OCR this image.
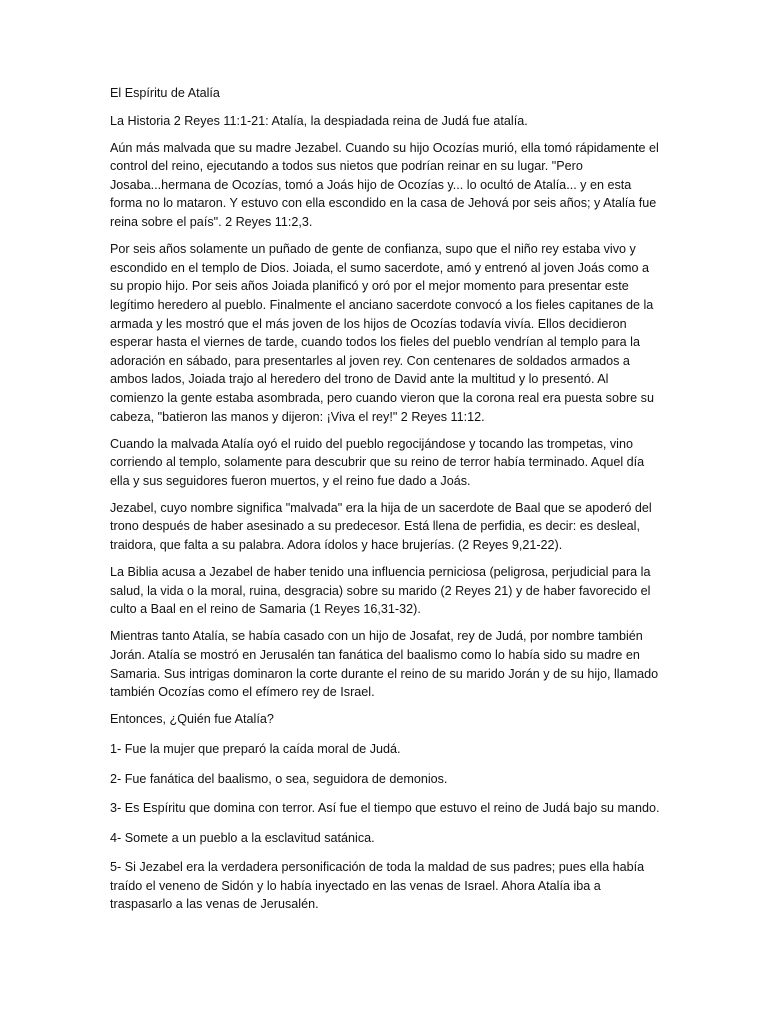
El Espíritu de Atalía

La Historia 2 Reyes 11:1-21: Atalía, la despiadada reina de Judá fue atalía.

Aún más malvada que su madre Jezabel. Cuando su hijo Ocozías murió, ella tomó rápidamente el control del reino, ejecutando a todos sus nietos que podrían reinar en su lugar. "Pero Josaba...hermana de Ocozías, tomó a Joás hijo de Ocozías y... lo ocultó de Atalía... y en esta forma no lo mataron. Y estuvo con ella escondido en la casa de Jehová por seis años; y Atalía fue reina sobre el país". 2 Reyes 11:2,3.

Por seis años solamente un puñado de gente de confianza, supo que el niño rey estaba vivo y escondido en el templo de Dios. Joiada, el sumo sacerdote, amó y entrenó al joven Joás como a su propio hijo. Por seis años Joiada planificó y oró por el mejor momento para presentar este legítimo heredero al pueblo. Finalmente el anciano sacerdote convocó a los fieles capitanes de la armada y les mostró que el más joven de los hijos de Ocozías todavía vivía. Ellos decidieron esperar hasta el viernes de tarde, cuando todos los fieles del pueblo vendrían al templo para la adoración en sábado, para presentarles al joven rey. Con centenares de soldados armados a ambos lados, Joiada trajo al heredero del trono de David ante la multitud y lo presentó. Al comienzo la gente estaba asombrada, pero cuando vieron que la corona real era puesta sobre su cabeza, "batieron las manos y dijeron: ¡Viva el rey!" 2 Reyes 11:12.

Cuando la malvada Atalía oyó el ruido del pueblo regocijándose y tocando las trompetas, vino corriendo al templo, solamente para descubrir que su reino de terror había terminado. Aquel día ella y sus seguidores fueron muertos, y el reino fue dado a Joás.

Jezabel, cuyo nombre significa "malvada" era la hija de un sacerdote de Baal que se apoderó del trono después de haber asesinado a su predecesor. Está llena de perfidia, es decir: es desleal, traidora, que falta a su palabra. Adora ídolos y hace brujerías. (2 Reyes 9,21-22).

La Biblia acusa a Jezabel de haber tenido una influencia perniciosa (peligrosa, perjudicial para la salud, la vida o la moral, ruina, desgracia) sobre su marido (2 Reyes 21) y de haber favorecido el culto a Baal en el reino de Samaria (1 Reyes 16,31-32).

Mientras tanto Atalía, se había casado con un hijo de Josafat, rey de Judá, por nombre también Jorán. Atalía se mostró en Jerusalén tan fanática del baalismo como lo había sido su madre en Samaria. Sus intrigas dominaron la corte durante el reino de su marido Jorán y de su hijo, llamado también Ocozías como el efímero rey de Israel.

Entonces, ¿Quién fue Atalía?

1- Fue la mujer que preparó la caída moral de Judá.

2- Fue fanática del baalismo, o sea, seguidora de demonios.

3- Es Espíritu que domina con terror. Así fue el tiempo que estuvo el reino de Judá bajo su mando.

4- Somete a un pueblo a la esclavitud satánica.

5- Si Jezabel era la verdadera personificación de toda la maldad de sus padres; pues ella había traído el veneno de Sidón y lo había inyectado en las venas de Israel. Ahora Atalía iba a traspasarlo a las venas de Jerusalén.
